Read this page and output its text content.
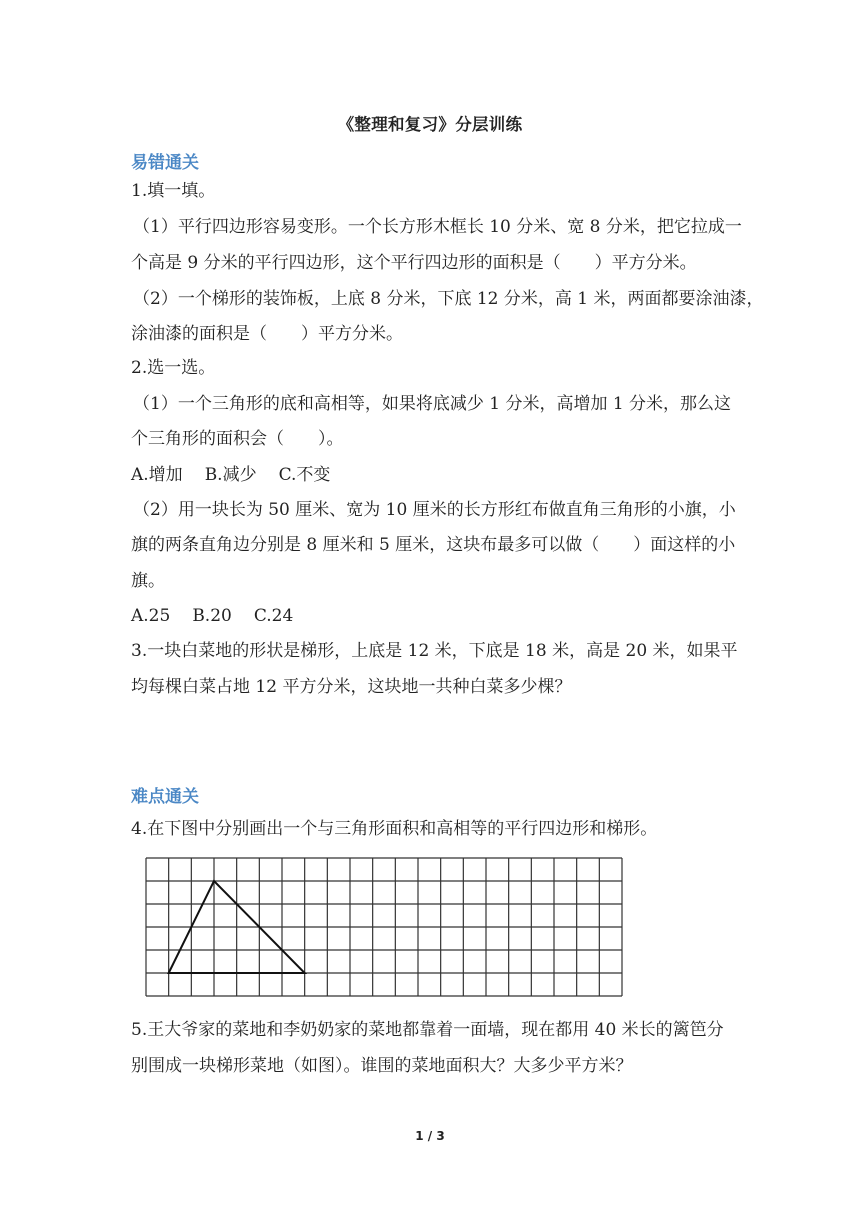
《整理和复习》分层训练
易错通关
1.填一填。
（1）平行四边形容易变形。一个长方形木框长 10 分米、宽 8 分米，把它拉成一
个高是 9 分米的平行四边形，这个平行四边形的面积是（　　）平方分米。
（2）一个梯形的装饰板，上底 8 分米，下底 12 分米，高 1 米，两面都要涂油漆，
涂油漆的面积是（　　）平方分米。
2.选一选。
（1）一个三角形的底和高相等，如果将底减少 1 分米，高增加 1 分米，那么这
个三角形的面积会（　　）。
A.增加 B.减少 C.不变
（2）用一块长为 50 厘米、宽为 10 厘米的长方形红布做直角三角形的小旗，小
旗的两条直角边分别是 8 厘米和 5 厘米，这块布最多可以做（　　）面这样的小
旗。
A.25 B.20 C.24
3.一块白菜地的形状是梯形，上底是 12 米，下底是 18 米，高是 20 米，如果平
均每棵白菜占地 12 平方分米，这块地一共种白菜多少棵？
难点通关
4.在下图中分别画出一个与三角形面积和高相等的平行四边形和梯形。
5.王大爷家的菜地和李奶奶家的菜地都靠着一面墙，现在都用 40 米长的篱笆分
别围成一块梯形菜地（如图）。谁围的菜地面积大？大多少平方米？
1 / 3
